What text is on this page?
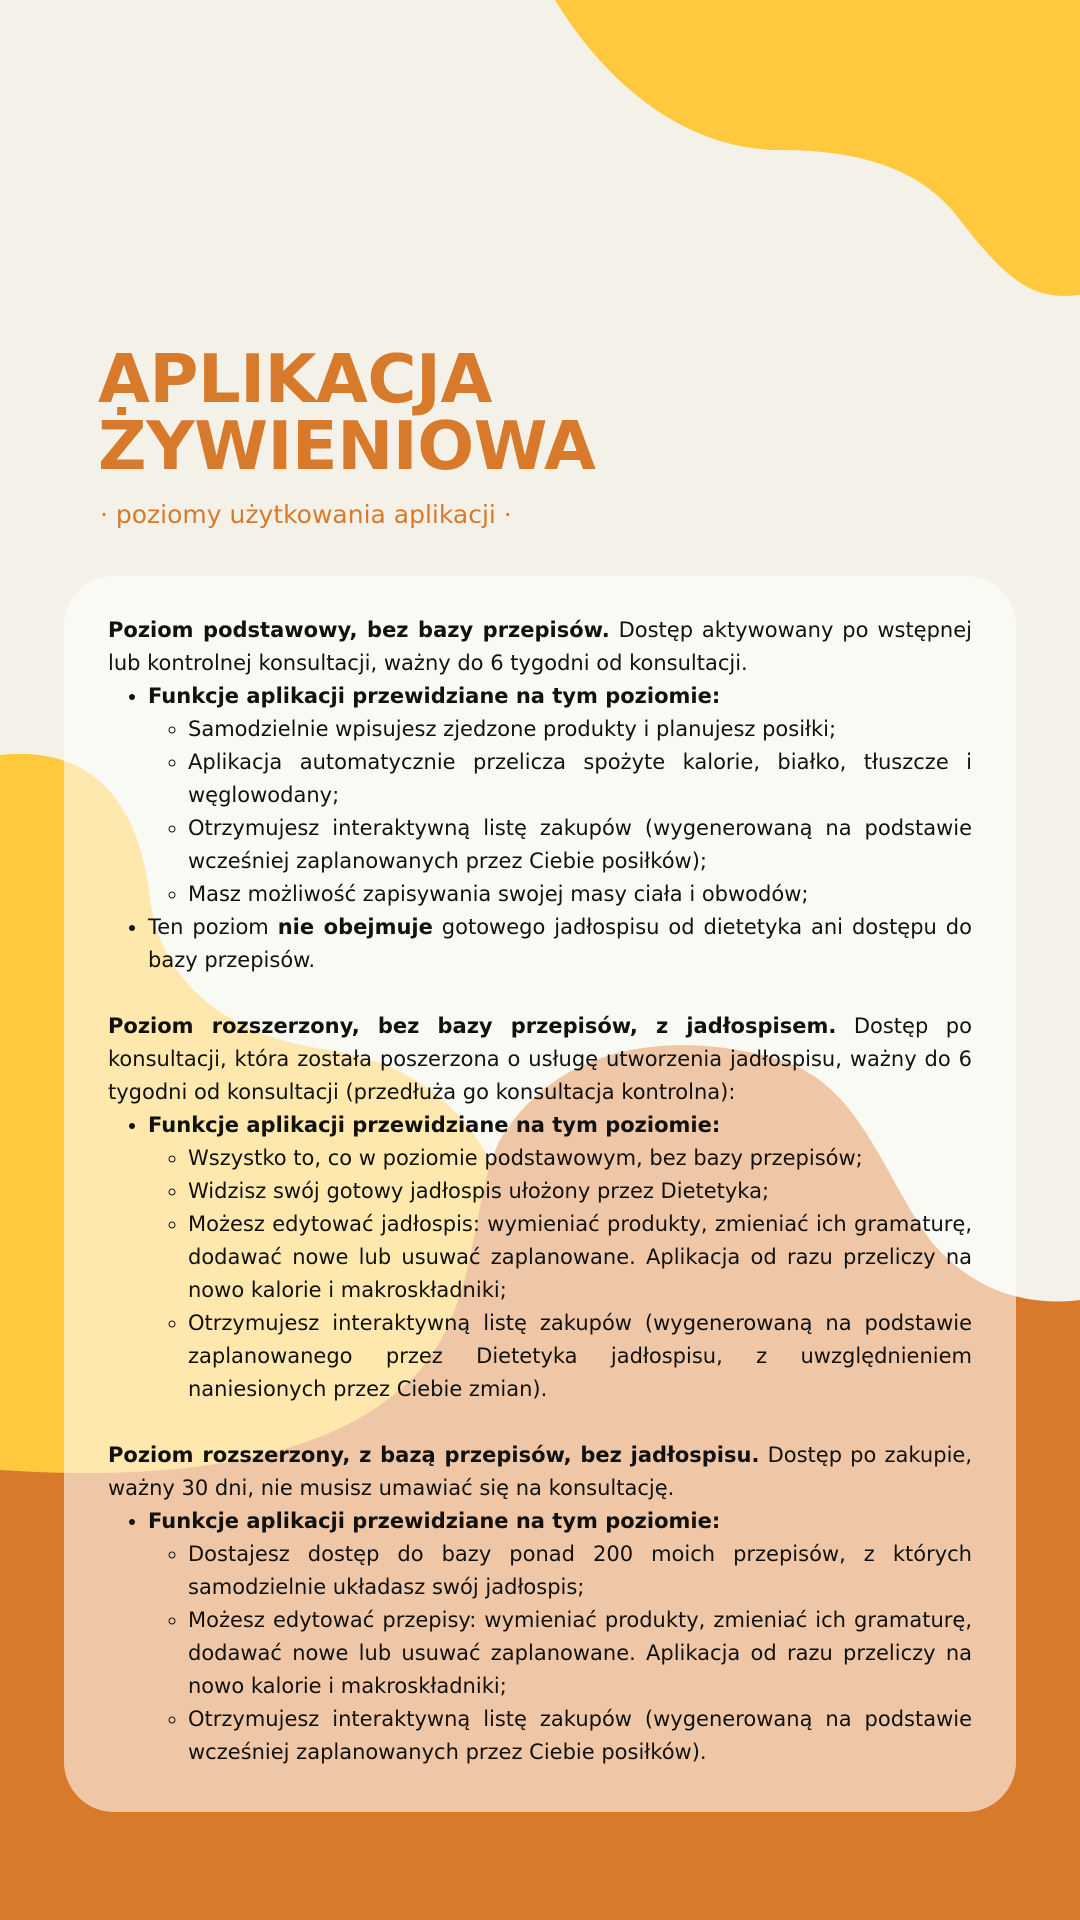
APLIKACJA
ŻYWIENIOWA

· poziomy użytkowania aplikacji ·

Poziom podstawowy, bez bazy przepisów. Dostęp aktywowany po wstępnej lub kontrolnej konsultacji, ważny do 6 tygodni od konsultacji.

• Funkcje aplikacji przewidziane na tym poziomie:
◦ Samodzielnie wpisujesz zjedzone produkty i planujesz posiłki;
◦ Aplikacja automatycznie przelicza spożyte kalorie, białko, tłuszcze i węglowodany;
◦ Otrzymujesz interaktywną listę zakupów (wygenerowaną na podstawie wcześniej zaplanowanych przez Ciebie posiłków);
◦ Masz możliwość zapisywania swojej masy ciała i obwodów;
• Ten poziom nie obejmuje gotowego jadłospisu od dietetyka ani dostępu do bazy przepisów.

Poziom rozszerzony, bez bazy przepisów, z jadłospisem. Dostęp po konsultacji, która została poszerzona o usługę utworzenia jadłospisu, ważny do 6 tygodni od konsultacji (przedłuża go konsultacja kontrolna):

• Funkcje aplikacji przewidziane na tym poziomie:
◦ Wszystko to, co w poziomie podstawowym, bez bazy przepisów;
◦ Widzisz swój gotowy jadłospis ułożony przez Dietetyka;
◦ Możesz edytować jadłospis: wymieniać produkty, zmieniać ich gramaturę, dodawać nowe lub usuwać zaplanowane. Aplikacja od razu przeliczy na nowo kalorie i makroskładniki;
◦ Otrzymujesz interaktywną listę zakupów (wygenerowaną na podstawie zaplanowanego przez Dietetyka jadłospisu, z uwzględnieniem naniesionych przez Ciebie zmian).

Poziom rozszerzony, z bazą przepisów, bez jadłospisu. Dostęp po zakupie, ważny 30 dni, nie musisz umawiać się na konsultację.

• Funkcje aplikacji przewidziane na tym poziomie:
◦ Dostajesz dostęp do bazy ponad 200 moich przepisów, z których samodzielnie układasz swój jadłospis;
◦ Możesz edytować przepisy: wymieniać produkty, zmieniać ich gramaturę, dodawać nowe lub usuwać zaplanowane. Aplikacja od razu przeliczy na nowo kalorie i makroskładniki;
◦ Otrzymujesz interaktywną listę zakupów (wygenerowaną na podstawie wcześniej zaplanowanych przez Ciebie posiłków).
